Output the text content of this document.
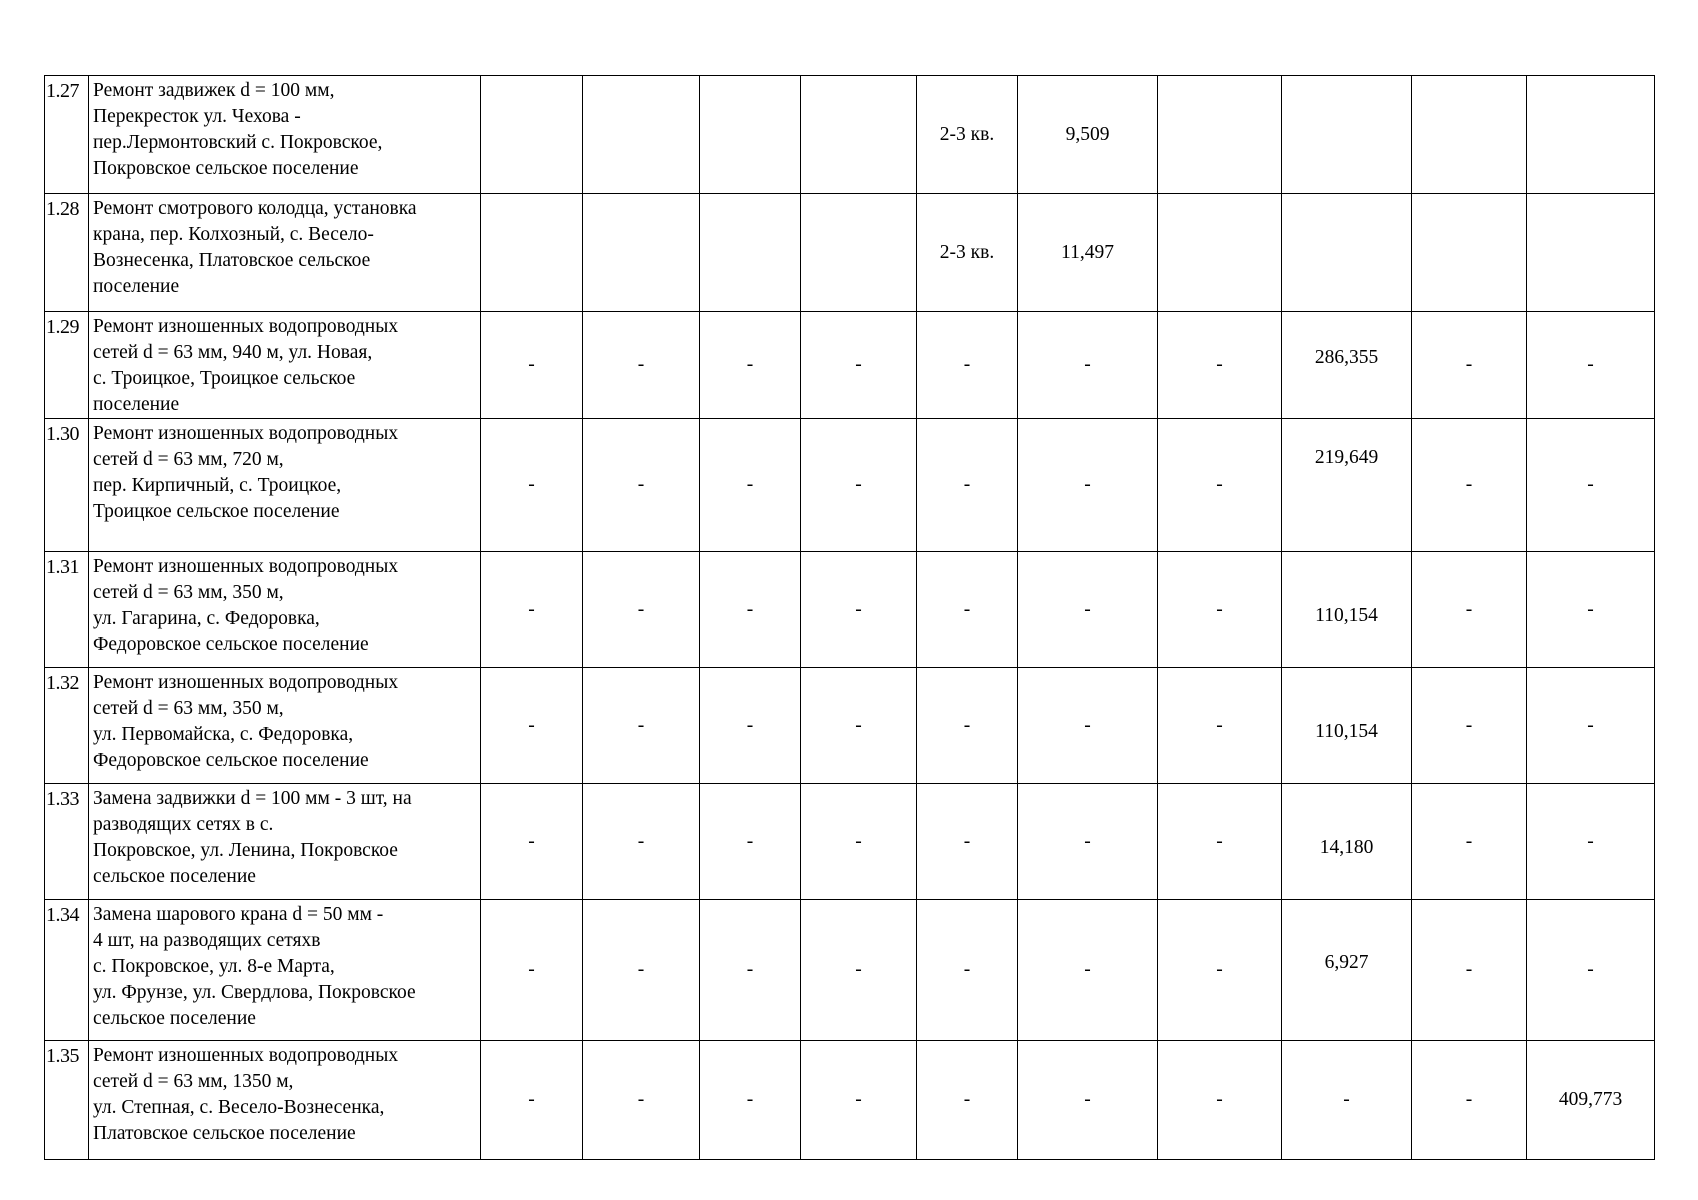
1.27	Ремонт задвижек d = 100 мм,
Перекресток ул. Чехова -
пер.Лермонтовский с. Покровское,
Покровское сельское поселение					2-3 кв.	9,509				
1.28	Ремонт смотрового колодца, установка
крана, пер. Колхозный, с. Весело-
Вознесенка, Платовское сельское
поселение					2-3 кв.	11,497				
1.29	Ремонт изношенных водопроводных
сетей d = 63 мм, 940 м, ул. Новая,
с. Троицкое, Троицкое сельское
поселение	-	-	-	-	-	-	-	286,355	-	-
1.30	Ремонт изношенных водопроводных
сетей d = 63 мм, 720 м,
пер. Кирпичный, с. Троицкое,
Троицкое сельское поселение	-	-	-	-	-	-	-	219,649	-	-
1.31	Ремонт изношенных водопроводных
сетей d = 63 мм, 350 м,
ул. Гагарина, с. Федоровка,
Федоровское сельское поселение	-	-	-	-	-	-	-	110,154	-	-
1.32	Ремонт изношенных водопроводных
сетей d = 63 мм, 350 м,
ул. Первомайска, с. Федоровка,
Федоровское сельское поселение	-	-	-	-	-	-	-	110,154	-	-
1.33	Замена задвижки d = 100 мм - 3 шт, на
разводящих сетях в с.
Покровское, ул. Ленина, Покровское
сельское поселение	-	-	-	-	-	-	-	14,180	-	-
1.34	Замена шарового крана d = 50 мм -
4 шт, на разводящих сетяхв
с. Покровское, ул. 8-е Марта,
ул. Фрунзе, ул. Свердлова, Покровское
сельское поселение	-	-	-	-	-	-	-	6,927	-	-
1.35	Ремонт изношенных водопроводных
сетей d = 63 мм, 1350 м,
ул. Степная, с. Весело-Вознесенка,
Платовское сельское поселение	-	-	-	-	-	-	-	-	-	409,773
